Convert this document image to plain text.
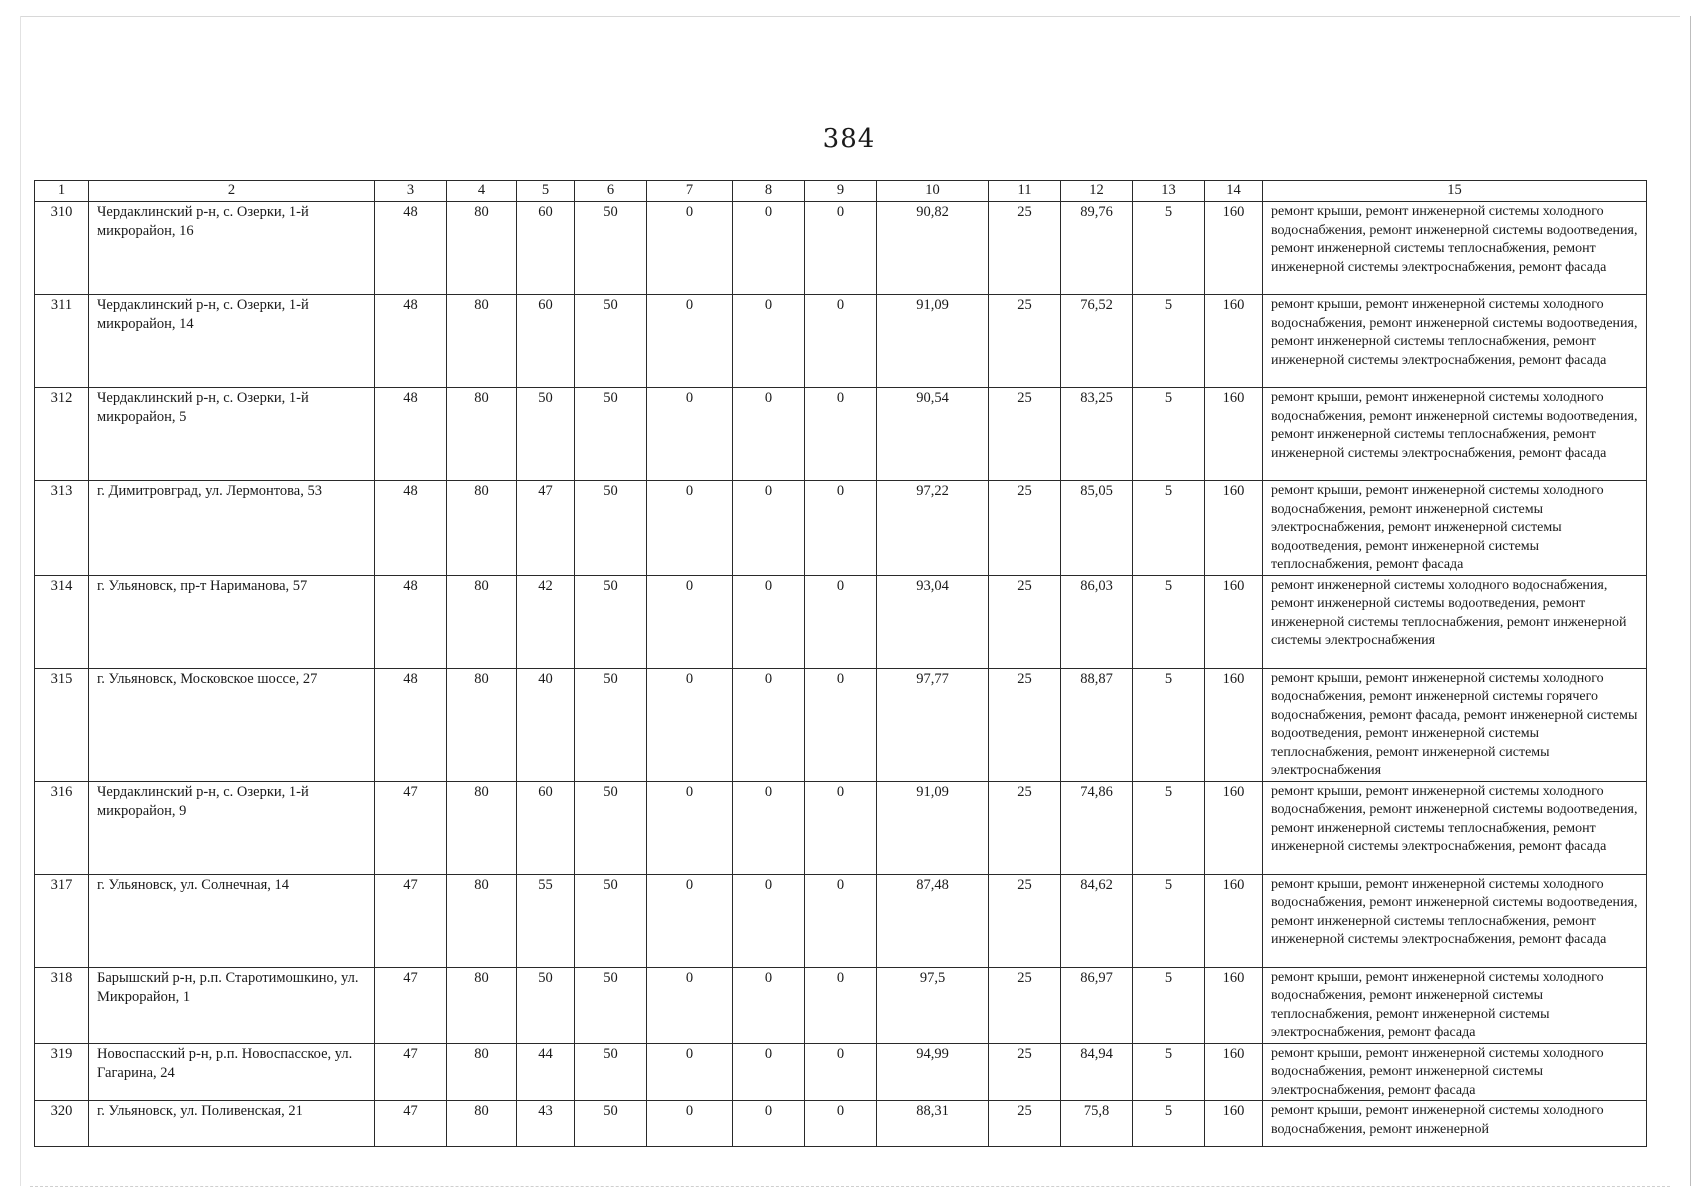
384
1	2	3	4	5	6	7	8	9	10	11	12	13	14	15
310	Чердаклинский р-н, с. Озерки, 1-й микрорайон, 16	48	80	60	50	0	0	0	90,82	25	89,76	5	160	ремонт крыши, ремонт инженерной системы холодного водоснабжения, ремонт инженерной системы водоотведения, ремонт инженерной системы теплоснабжения, ремонт инженерной системы электроснабжения, ремонт фасада
311	Чердаклинский р-н, с. Озерки, 1-й микрорайон, 14	48	80	60	50	0	0	0	91,09	25	76,52	5	160	ремонт крыши, ремонт инженерной системы холодного водоснабжения, ремонт инженерной системы водоотведения, ремонт инженерной системы теплоснабжения, ремонт инженерной системы электроснабжения, ремонт фасада
312	Чердаклинский р-н, с. Озерки, 1-й микрорайон, 5	48	80	50	50	0	0	0	90,54	25	83,25	5	160	ремонт крыши, ремонт инженерной системы холодного водоснабжения, ремонт инженерной системы водоотведения, ремонт инженерной системы теплоснабжения, ремонт инженерной системы электроснабжения, ремонт фасада
313	г. Димитровград, ул. Лермонтова, 53	48	80	47	50	0	0	0	97,22	25	85,05	5	160	ремонт крыши, ремонт инженерной системы холодного водоснабжения, ремонт инженерной системы электроснабжения, ремонт инженерной системы водоотведения, ремонт инженерной системы теплоснабжения, ремонт фасада
314	г. Ульяновск, пр-т Нариманова, 57	48	80	42	50	0	0	0	93,04	25	86,03	5	160	ремонт инженерной системы холодного водоснабжения, ремонт инженерной системы водоотведения, ремонт инженерной системы теплоснабжения, ремонт инженерной системы электроснабжения
315	г. Ульяновск, Московское шоссе, 27	48	80	40	50	0	0	0	97,77	25	88,87	5	160	ремонт крыши, ремонт инженерной системы холодного водоснабжения, ремонт инженерной системы горячего водоснабжения, ремонт фасада, ремонт инженерной системы водоотведения, ремонт инженерной системы теплоснабжения, ремонт инженерной системы электроснабжения
316	Чердаклинский р-н, с. Озерки, 1-й микрорайон, 9	47	80	60	50	0	0	0	91,09	25	74,86	5	160	ремонт крыши, ремонт инженерной системы холодного водоснабжения, ремонт инженерной системы водоотведения, ремонт инженерной системы теплоснабжения, ремонт инженерной системы электроснабжения, ремонт фасада
317	г. Ульяновск, ул. Солнечная, 14	47	80	55	50	0	0	0	87,48	25	84,62	5	160	ремонт крыши, ремонт инженерной системы холодного водоснабжения, ремонт инженерной системы водоотведения, ремонт инженерной системы теплоснабжения, ремонт инженерной системы электроснабжения, ремонт фасада
318	Барышский р-н, р.п. Старотимошкино, ул. Микрорайон, 1	47	80	50	50	0	0	0	97,5	25	86,97	5	160	ремонт крыши, ремонт инженерной системы холодного водоснабжения, ремонт инженерной системы теплоснабжения, ремонт инженерной системы электроснабжения, ремонт фасада
319	Новоспасский р-н, р.п. Новоспасское, ул. Гагарина, 24	47	80	44	50	0	0	0	94,99	25	84,94	5	160	ремонт крыши, ремонт инженерной системы холодного водоснабжения, ремонт инженерной системы электроснабжения, ремонт фасада
320	г. Ульяновск, ул. Поливенская, 21	47	80	43	50	0	0	0	88,31	25	75,8	5	160	ремонт крыши, ремонт инженерной системы холодного водоснабжения, ремонт инженерной
